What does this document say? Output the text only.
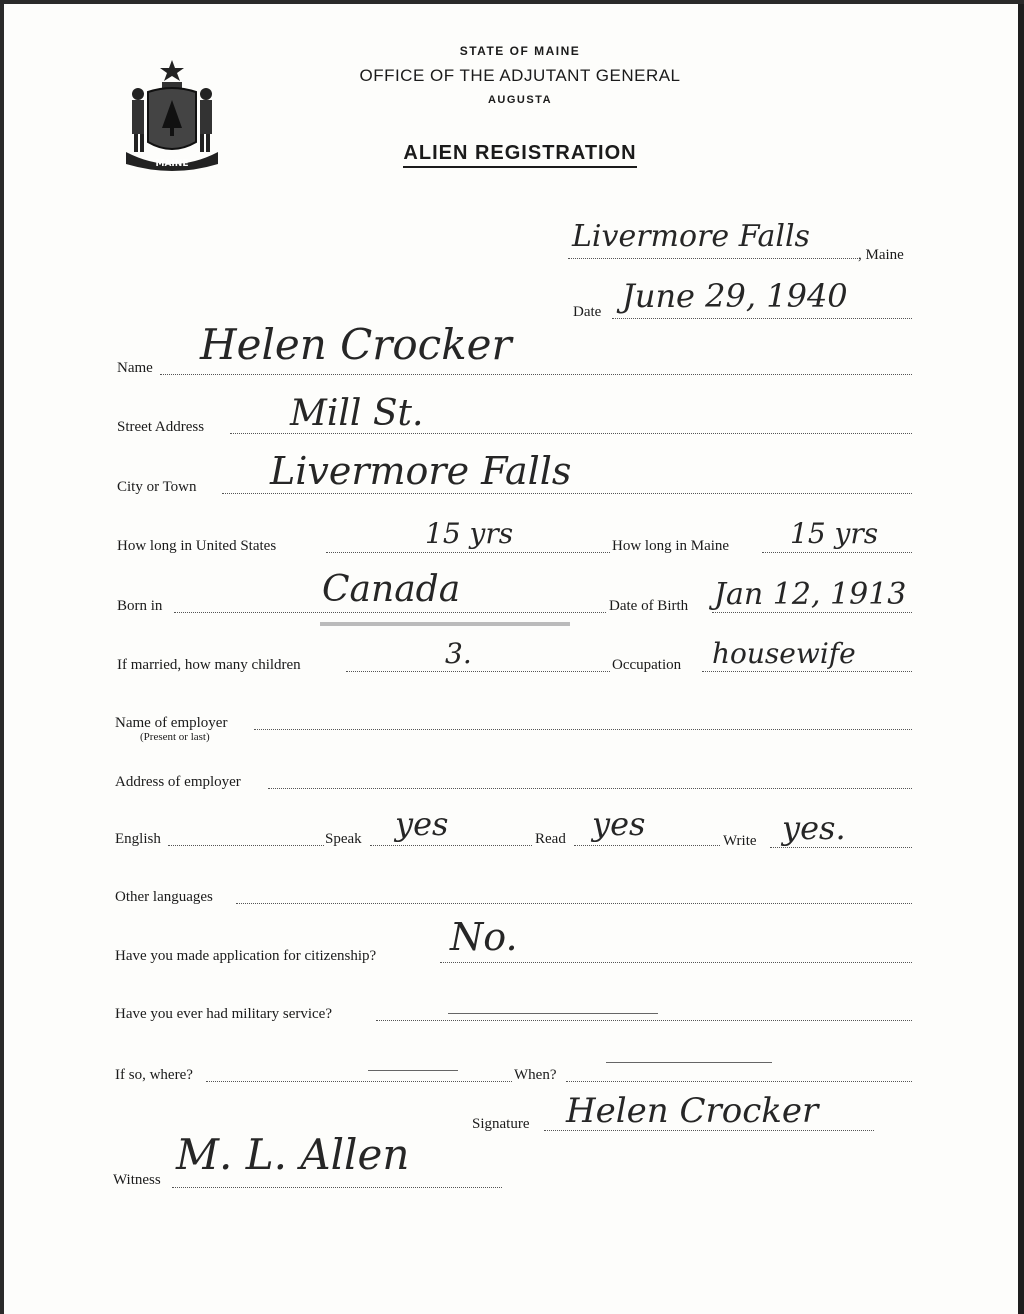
MAINE
STATE OF MAINE
OFFICE OF THE ADJUTANT GENERAL
AUGUSTA
ALIEN REGISTRATION
Livermore Falls
, Maine
Date June 29, 1940
Name Helen Crocker
Street Address Mill St.
City or Town Livermore Falls
How long in United States	15 yrs	How long in Maine 15 yrs
Born in	Canada	Date of Birth Jan 12, 1913
If married, how many children	3.	Occupation housewife
Name of employer
(Present or last)
Address of employer
English	Speak yes	Read yes	Write yes.
Other languages
Have you made application for citizenship? No.
Have you ever had military service?
If so, where?	When?
Signature Helen Crocker
Witness
M. L. Allen
